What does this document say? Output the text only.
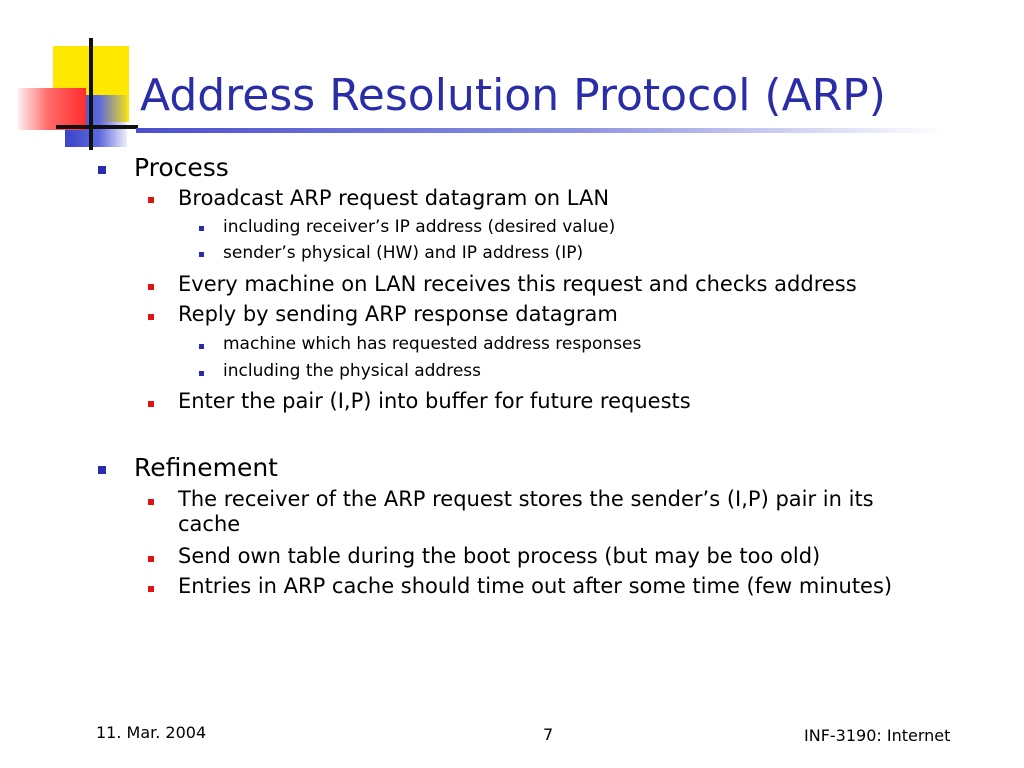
Address Resolution Protocol (ARP)
Process
Broadcast ARP request datagram on LAN
including receiver’s IP address (desired value)
sender’s physical (HW) and IP address (IP)
Every machine on LAN receives this request and checks address
Reply by sending ARP response datagram
machine which has requested address responses
including the physical address
Enter the pair (I,P) into buffer for future requests
Refinement
The receiver of the ARP request stores the sender’s (I,P) pair in its
cache
Send own table during the boot process (but may be too old)
Entries in ARP cache should time out after some time (few minutes)
11. Mar. 2004	7	INF-3190: Internet
